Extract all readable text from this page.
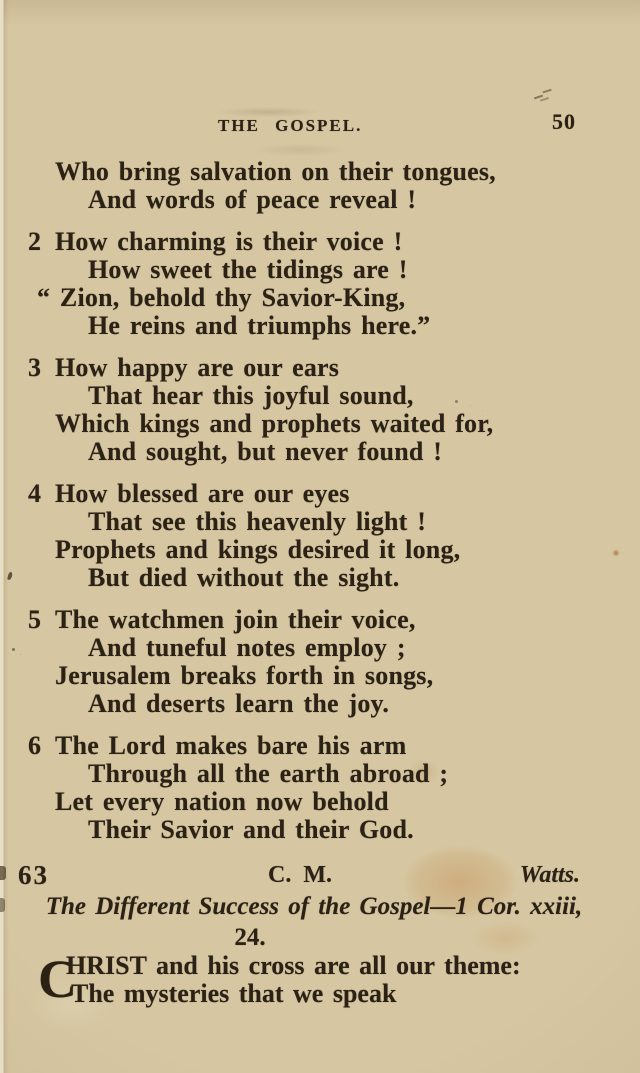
THE GOSPEL.	50
Who bring salvation on their tongues,
And words of peace reveal !
2 How charming is their voice !
How sweet the tidings are !
“ Zion, behold thy Savior-King,
He reins and triumphs here.”
3 How happy are our ears
That hear this joyful sound,
Which kings and prophets waited for,
And sought, but never found !
4 How blessed are our eyes
That see this heavenly light !
Prophets and kings desired it long,
But died without the sight.
5 The watchmen join their voice,
And tuneful notes employ ;
Jerusalem breaks forth in songs,
And deserts learn the joy.
6 The Lord makes bare his arm
Through all the earth abroad ;
Let every nation now behold
Their Savior and their God.
63	C. M.	Watts.
The Different Success of the Gospel—1 Cor. xxiii,
24.
C
HRIST and his cross are all our theme:
The mysteries that we speak
